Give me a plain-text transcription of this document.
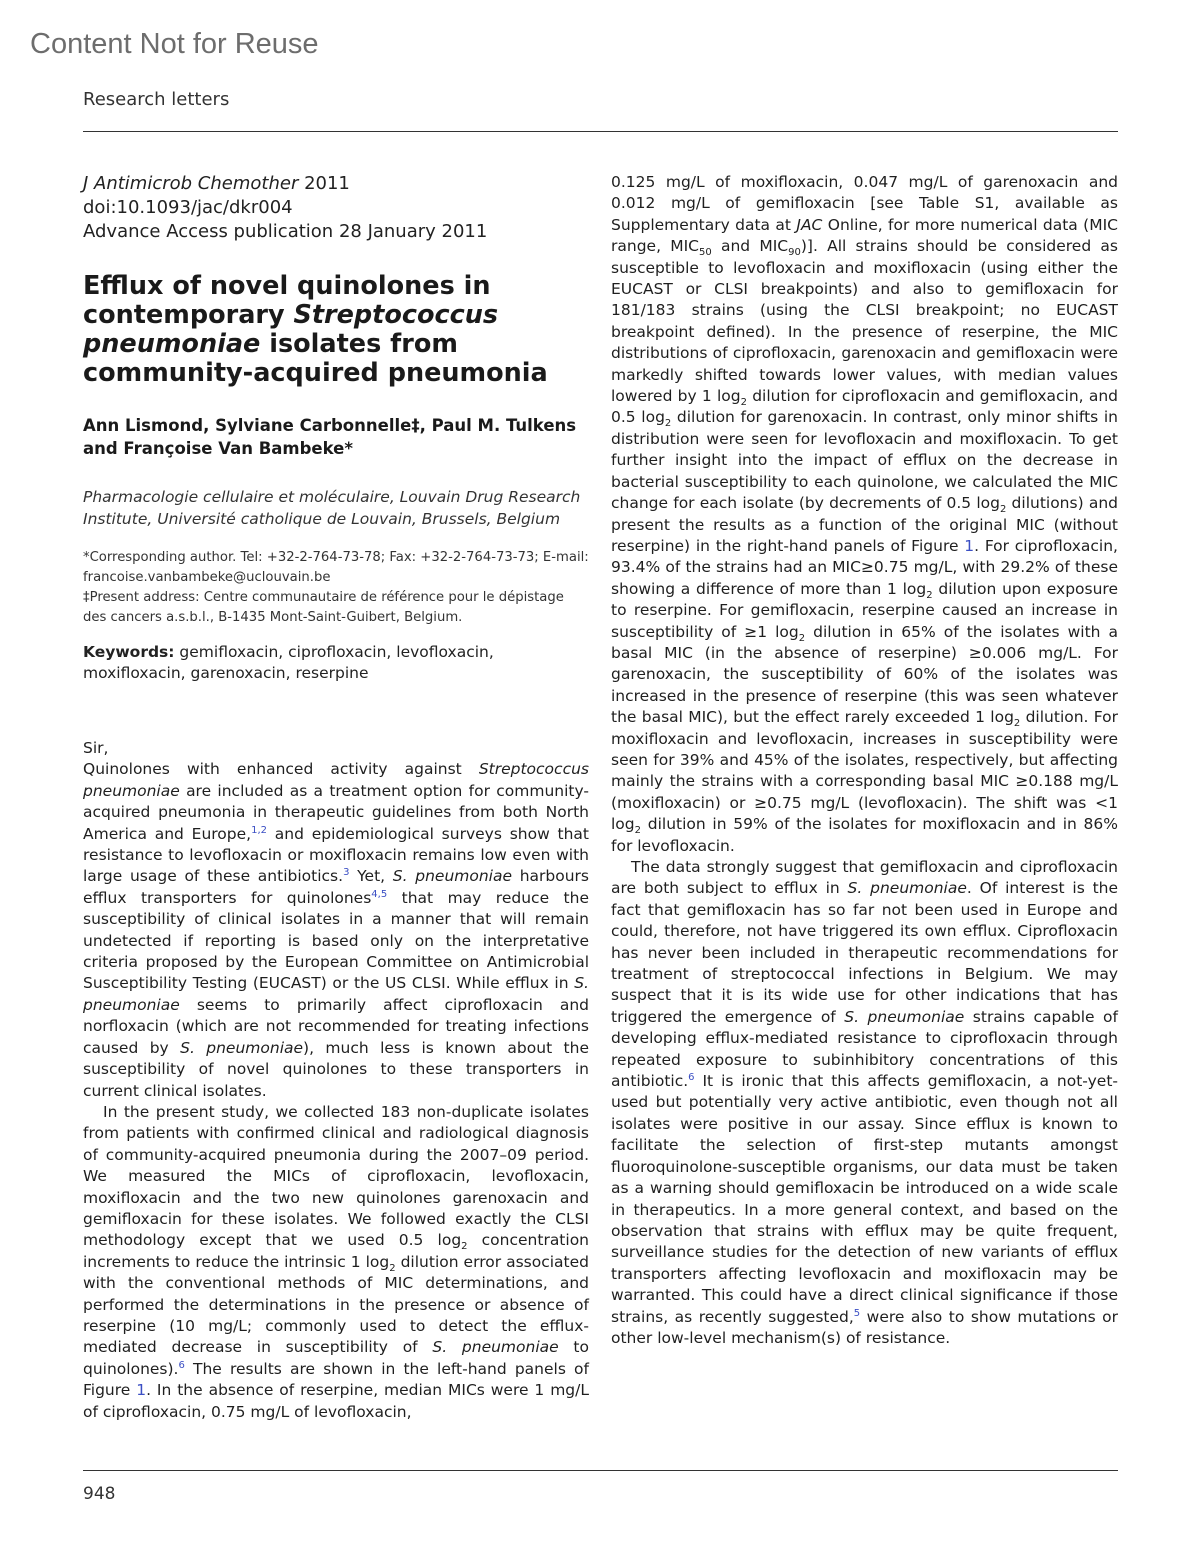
Content Not for Reuse
Research letters
J Antimicrob Chemother 2011
doi:10.1093/jac/dkr004
Advance Access publication 28 January 2011
Efflux of novel quinolones in contemporary Streptococcus pneumoniae isolates from community-acquired pneumonia
Ann Lismond, Sylviane Carbonnelle‡, Paul M. Tulkens and Françoise Van Bambeke*
Pharmacologie cellulaire et moléculaire, Louvain Drug Research Institute, Université catholique de Louvain, Brussels, Belgium
*Corresponding author. Tel: +32-2-764-73-78; Fax: +32-2-764-73-73; E-mail: francoise.vanbambeke@uclouvain.be
‡Present address: Centre communautaire de référence pour le dépistage des cancers a.s.b.l., B-1435 Mont-Saint-Guibert, Belgium.
Keywords: gemifloxacin, ciprofloxacin, levofloxacin, moxifloxacin, garenoxacin, reserpine
Sir,

Quinolones with enhanced activity against Streptococcus pneumoniae are included as a treatment option for community-acquired pneumonia in therapeutic guidelines from both North America and Europe,$^{1,2}$ and epidemiological surveys show that resistance to levofloxacin or moxifloxacin remains low even with large usage of these antibiotics.$^3$ Yet, S. pneumoniae harbours efflux transporters for quinolones$^{4,5}$ that may reduce the susceptibility of clinical isolates in a manner that will remain undetected if reporting is based only on the interpretative criteria proposed by the European Committee on Antimicrobial Susceptibility Testing (EUCAST) or the US CLSI. While efflux in S. pneumoniae seems to primarily affect ciprofloxacin and norfloxacin (which are not recommended for treating infections caused by S. pneumoniae), much less is known about the susceptibility of novel quinolones to these transporters in current clinical isolates.

In the present study, we collected 183 non-duplicate isolates from patients with confirmed clinical and radiological diagnosis of community-acquired pneumonia during the 2007–09 period. We measured the MICs of ciprofloxacin, levofloxacin, moxifloxacin and the two new quinolones garenoxacin and gemifloxacin for these isolates. We followed exactly the CLSI methodology except that we used 0.5 $\log_2$ concentration increments to reduce the intrinsic 1 $\log_2$ dilution error associated with the conventional methods of MIC determinations, and performed the determinations in the presence or absence of reserpine (10 mg/L; commonly used to detect the efflux-mediated decrease in susceptibility of S. pneumoniae to quinolones).$^6$ The results are shown in the left-hand panels of Figure 1. In the absence of reserpine, median MICs were 1 mg/L of ciprofloxacin, 0.75 mg/L of levofloxacin,

0.125 mg/L of moxifloxacin, 0.047 mg/L of garenoxacin and 0.012 mg/L of gemifloxacin [see Table S1, available as Supplementary data at JAC Online, for more numerical data (MIC range, $MIC_{50}$ and $MIC_{90}$)]. All strains should be considered as susceptible to levofloxacin and moxifloxacin (using either the EUCAST or CLSI breakpoints) and also to gemifloxacin for 181/183 strains (using the CLSI breakpoint; no EUCAST breakpoint defined). In the presence of reserpine, the MIC distributions of ciprofloxacin, garenoxacin and gemifloxacin were markedly shifted towards lower values, with median values lowered by 1 $\log_2$ dilution for ciprofloxacin and gemifloxacin, and 0.5 $\log_2$ dilution for garenoxacin. In contrast, only minor shifts in distribution were seen for levofloxacin and moxifloxacin. To get further insight into the impact of efflux on the decrease in bacterial susceptibility to each quinolone, we calculated the MIC change for each isolate (by decrements of 0.5 $\log_2$ dilutions) and present the results as a function of the original MIC (without reserpine) in the right-hand panels of Figure 1. For ciprofloxacin, 93.4% of the strains had an MIC≥0.75 mg/L, with 29.2% of these showing a difference of more than 1 $\log_2$ dilution upon exposure to reserpine. For gemifloxacin, reserpine caused an increase in susceptibility of ≥1 $\log_2$ dilution in 65% of the isolates with a basal MIC (in the absence of reserpine) ≥0.006 mg/L. For garenoxacin, the susceptibility of 60% of the isolates was increased in the presence of reserpine (this was seen whatever the basal MIC), but the effect rarely exceeded 1 $\log_2$ dilution. For moxifloxacin and levofloxacin, increases in susceptibility were seen for 39% and 45% of the isolates, respectively, but affecting mainly the strains with a corresponding basal MIC ≥0.188 mg/L (moxifloxacin) or ≥0.75 mg/L (levofloxacin). The shift was <1 $\log_2$ dilution in 59% of the isolates for moxifloxacin and in 86% for levofloxacin.

The data strongly suggest that gemifloxacin and ciprofloxacin are both subject to efflux in S. pneumoniae. Of interest is the fact that gemifloxacin has so far not been used in Europe and could, therefore, not have triggered its own efflux. Ciprofloxacin has never been included in therapeutic recommendations for treatment of streptococcal infections in Belgium. We may suspect that it is its wide use for other indications that has triggered the emergence of S. pneumoniae strains capable of developing efflux-mediated resistance to ciprofloxacin through repeated exposure to subinhibitory concentrations of this antibiotic.$^6$ It is ironic that this affects gemifloxacin, a not-yet-used but potentially very active antibiotic, even though not all isolates were positive in our assay. Since efflux is known to facilitate the selection of first-step mutants amongst fluoroquinolone-susceptible organisms, our data must be taken as a warning should gemifloxacin be introduced on a wide scale in therapeutics. In a more general context, and based on the observation that strains with efflux may be quite frequent, surveillance studies for the detection of new variants of efflux transporters affecting levofloxacin and moxifloxacin may be warranted. This could have a direct clinical significance if those strains, as recently suggested,$^5$ were also to show mutations or other low-level mechanism(s) of resistance.

948
